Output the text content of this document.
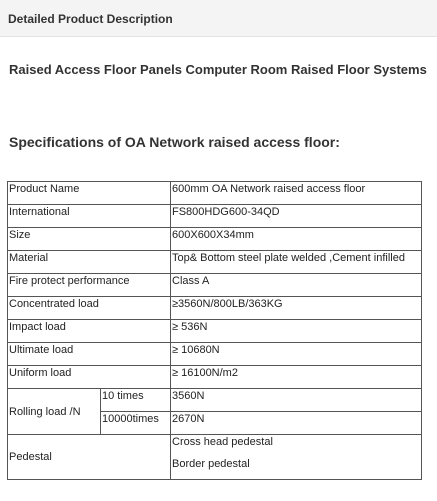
Detailed Product Description
Raised Access Floor Panels Computer Room Raised Floor Systems
Specifications of OA Network raised access floor:
Product Name		600mm OA Network raised access floor
International		FS800HDG600-34QD
Size		600X600X34mm
Material		Top& Bottom steel plate welded ,Cement infilled
Fire protect performance		Class A
Concentrated load		≥3560N/800LB/363KG
Impact load		≥ 536N
Ultimate load		≥ 10680N
Uniform load		≥ 16100N/m2
Rolling load /N	10 times	3560N
	10000times	2670N
Pedestal		Cross head pedestal
Border pedestal
